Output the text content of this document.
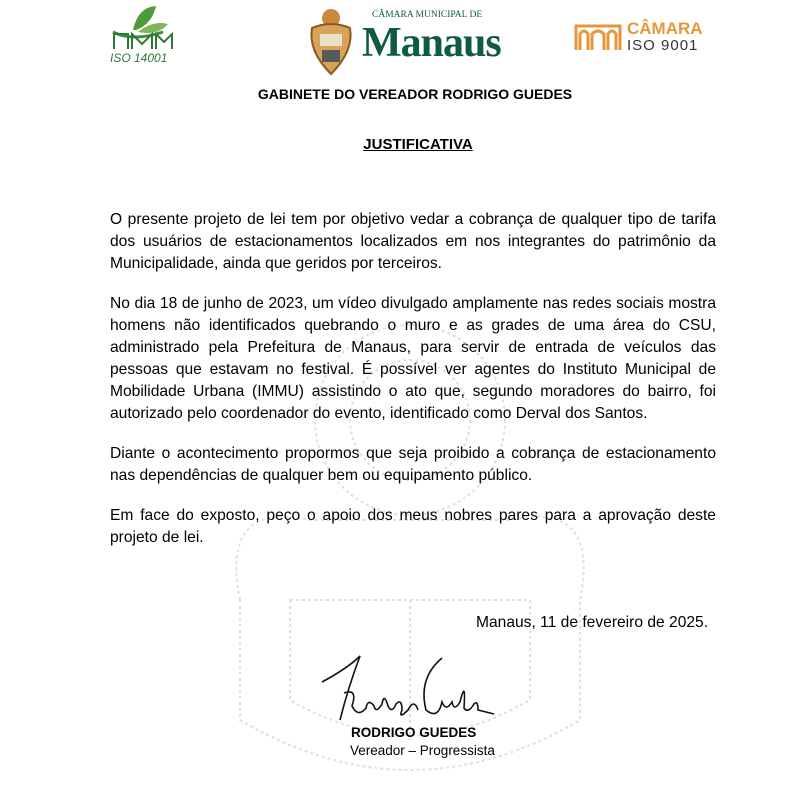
ISO 14001
CÂMARA MUNICIPAL DE
Manaus	CÂMARA
ISO 9001
GABINETE DO VEREADOR RODRIGO GUEDES
JUSTIFICATIVA

O presente projeto de lei tem por objetivo vedar a cobrança de qualquer tipo de tarifa dos usuários de estacionamentos localizados em nos integrantes do patrimônio da Municipalidade, ainda que geridos por terceiros.

No dia 18 de junho de 2023, um vídeo divulgado amplamente nas redes sociais mostra homens não identificados quebrando o muro e as grades de uma área do CSU, administrado pela Prefeitura de Manaus, para servir de entrada de veículos das pessoas que estavam no festival. É possível ver agentes do Instituto Municipal de Mobilidade Urbana (IMMU) assistindo o ato que, segundo moradores do bairro, foi autorizado pelo coordenador do evento, identificado como Derval dos Santos.

Diante o acontecimento propormos que seja proibido a cobrança de estacionamento nas dependências de qualquer bem ou equipamento público.

Em face do exposto, peço o apoio dos meus nobres pares para a aprovação deste projeto de lei.

Manaus, 11 de fevereiro de 2025.
RODRIGO GUEDES
Vereador – Progressista
